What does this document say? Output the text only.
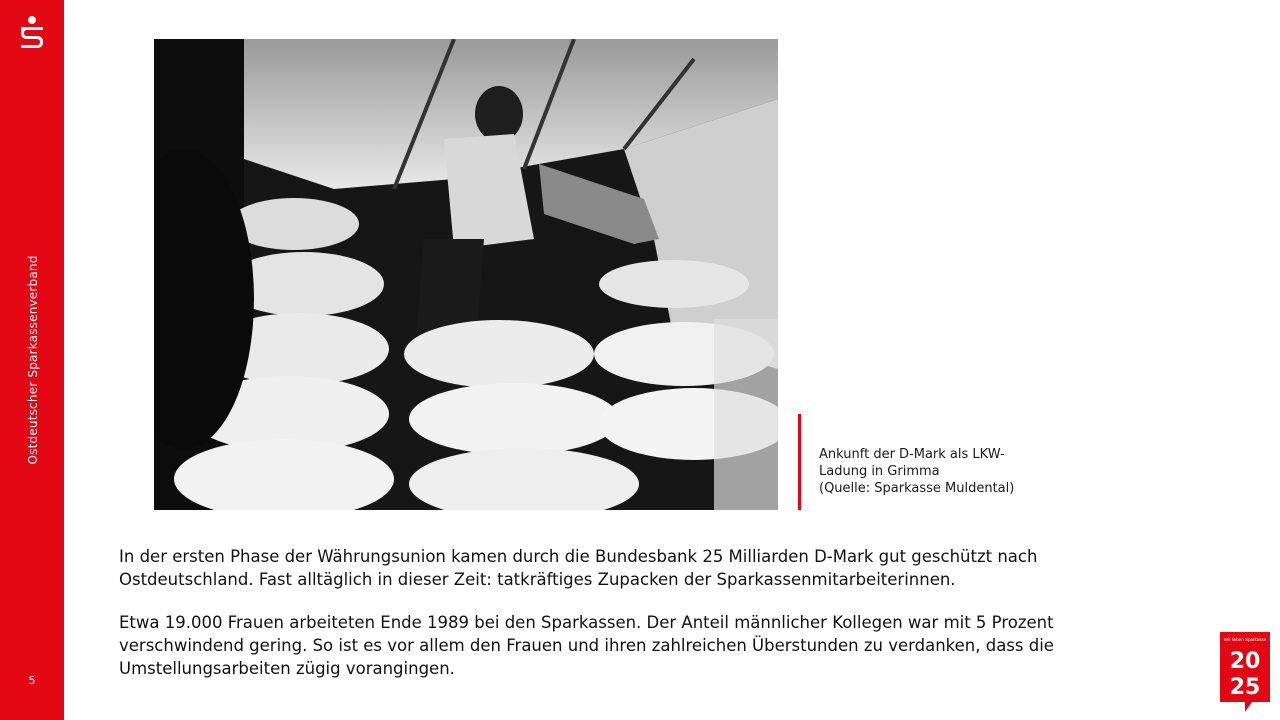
Ostdeutscher Sparkassenverband
5
Ankunft der D-Mark als LKW-
Ladung in Grimma
(Quelle: Sparkasse Muldental)

In der ersten Phase der Währungsunion kamen durch die Bundesbank 25 Milliarden D-Mark gut geschützt nach Ostdeutschland. Fast alltäglich in dieser Zeit: tatkräftiges Zupacken der Sparkassenmitarbeiterinnen.

Etwa 19.000 Frauen arbeiteten Ende 1989 bei den Sparkassen. Der Anteil männlicher Kollegen war mit 5 Prozent verschwindend gering. So ist es vor allem den Frauen und ihren zahlreichen Überstunden zu verdanken, dass die Umstellungsarbeiten zügig vorangingen.

Wir lieben Sparkasse
20
25
